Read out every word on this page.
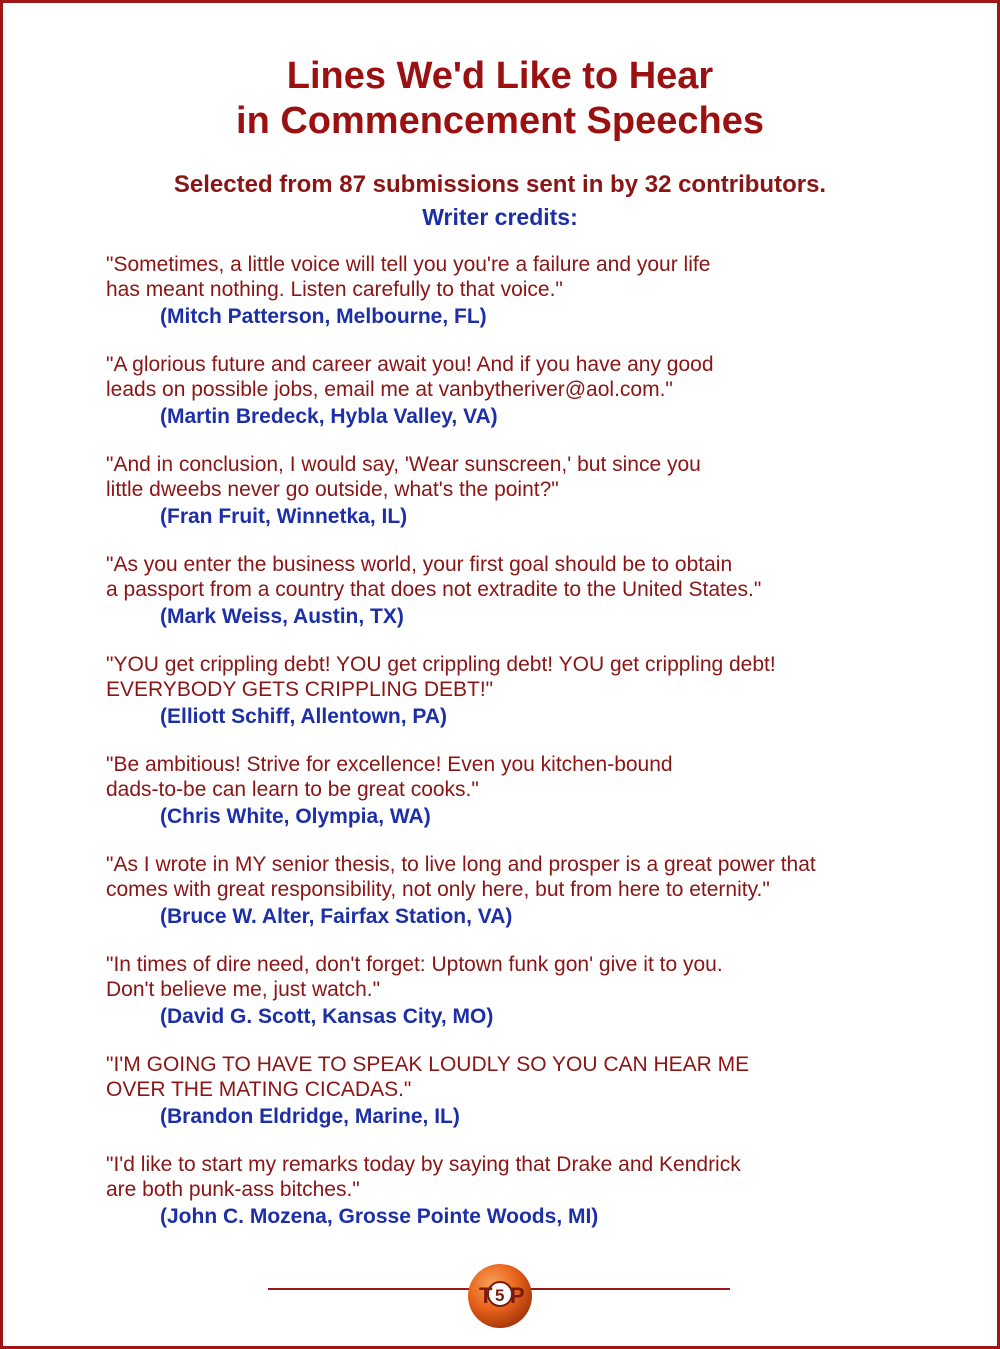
Lines We'd Like to Hear
in Commencement Speeches
Selected from 87 submissions sent in by 32 contributors.
Writer credits:
"Sometimes, a little voice will tell you you're a failure and your life
has meant nothing. Listen carefully to that voice."
(Mitch Patterson, Melbourne, FL)
"A glorious future and career await you! And if you have any good
leads on possible jobs, email me at vanbytheriver@aol.com."
(Martin Bredeck, Hybla Valley, VA)
"And in conclusion, I would say, 'Wear sunscreen,' but since you
little dweebs never go outside, what's the point?"
(Fran Fruit, Winnetka, IL)
"As you enter the business world, your first goal should be to obtain
a passport from a country that does not extradite to the United States."
(Mark Weiss, Austin, TX)
"YOU get crippling debt! YOU get crippling debt! YOU get crippling debt!
EVERYBODY GETS CRIPPLING DEBT!"
(Elliott Schiff, Allentown, PA)
"Be ambitious! Strive for excellence! Even you kitchen-bound
dads-to-be can learn to be great cooks."
(Chris White, Olympia, WA)
"As I wrote in MY senior thesis, to live long and prosper is a great power that
comes with great responsibility, not only here, but from here to eternity."
(Bruce W. Alter, Fairfax Station, VA)
"In times of dire need, don't forget: Uptown funk gon' give it to you.
Don't believe me, just watch."
(David G. Scott, Kansas City, MO)
"I'M GOING TO HAVE TO SPEAK LOUDLY SO YOU CAN HEAR ME
OVER THE MATING CICADAS."
(Brandon Eldridge, Marine, IL)
"I'd like to start my remarks today by saying that Drake and Kendrick
are both punk-ass bitches."
(John C. Mozena, Grosse Pointe Woods, MI)
T 5 P
